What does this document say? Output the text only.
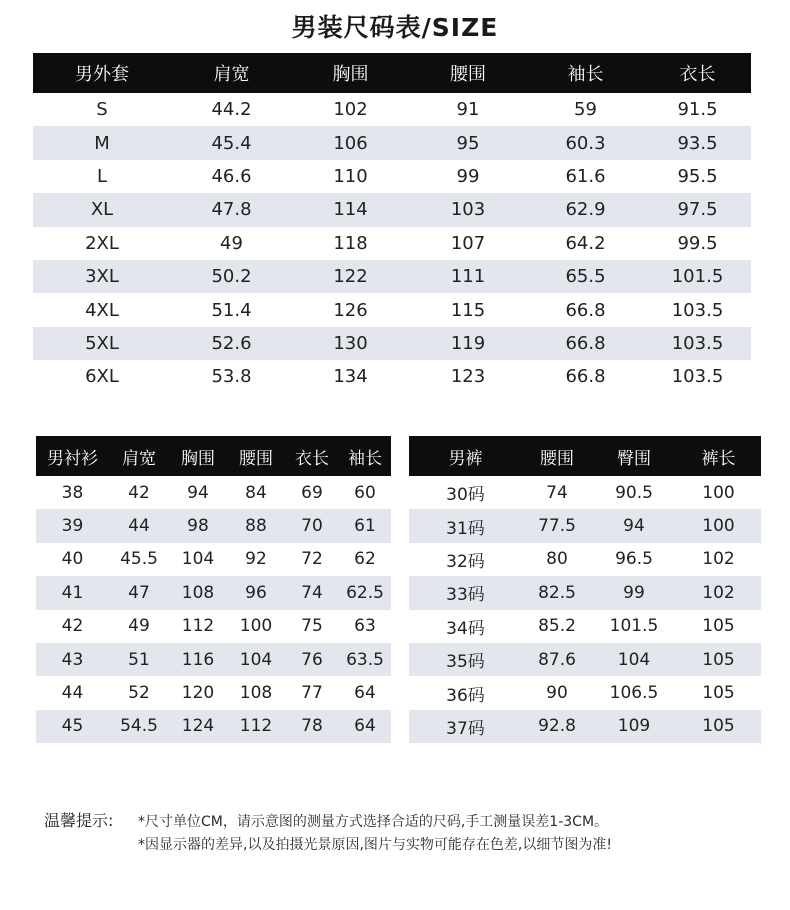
男装尺码表/SIZE
男外套	肩宽	胸围	腰围	袖长	衣长
S	44.2	102	91	59	91.5
M	45.4	106	95	60.3	93.5
L	46.6	110	99	61.6	95.5
XL	47.8	114	103	62.9	97.5
2XL	49	118	107	64.2	99.5
3XL	50.2	122	111	65.5	101.5
4XL	51.4	126	115	66.8	103.5
5XL	52.6	130	119	66.8	103.5
6XL	53.8	134	123	66.8	103.5
男衬衫	肩宽	胸围	腰围	衣长	袖长
38	42	94	84	69	60
39	44	98	88	70	61
40	45.5	104	92	72	62
41	47	108	96	74	62.5
42	49	112	100	75	63
43	51	116	104	76	63.5
44	52	120	108	77	64
45	54.5	124	112	78	64
男裤	腰围	臀围	裤长
30码	74	90.5	100
31码	77.5	94	100
32码	80	96.5	102
33码	82.5	99	102
34码	85.2	101.5	105
35码	87.6	104	105
36码	90	106.5	105
37码	92.8	109	105
温馨提示:	*尺寸单位CM，请示意图的测量方式选择合适的尺码,手工测量误差1-3CM。
*因显示器的差异,以及拍摄光景原因,图片与实物可能存在色差,以细节图为准!
